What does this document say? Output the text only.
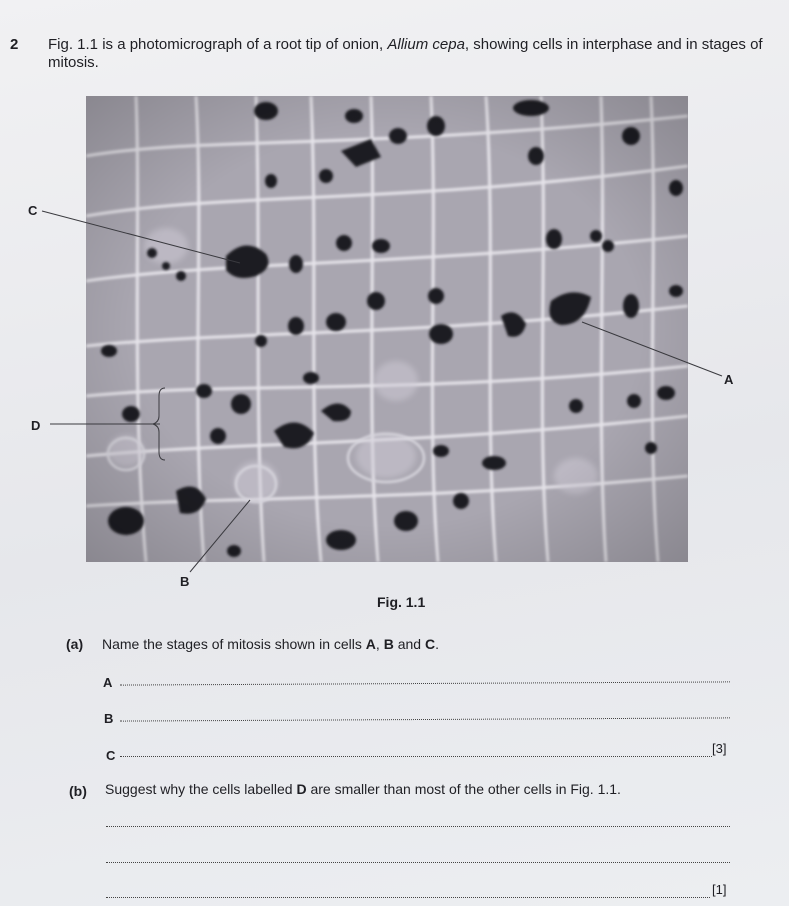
2 Fig. 1.1 is a photomicrograph of a root tip of onion, Allium cepa, showing cells in interphase and in stages of mitosis.
C
A
D
B
Fig. 1.1
(a) Name the stages of mitosis shown in cells A, B and C.
A
B
C	[3]
(b) Suggest why the cells labelled D are smaller than most of the other cells in Fig. 1.1.
[1]
